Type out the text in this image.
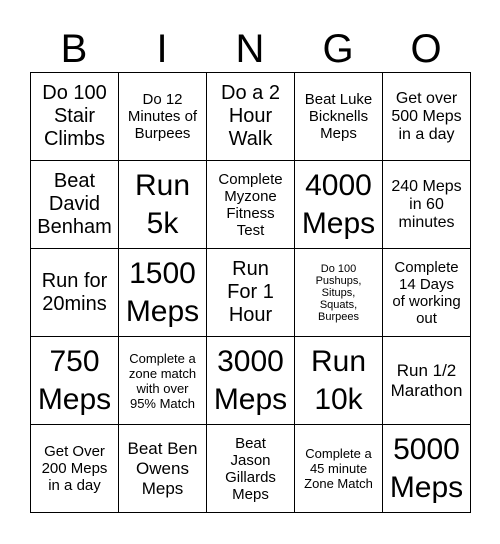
B	I	N	G	O
Do 100
Stair
Climbs
Do 12
Minutes of
Burpees
Do a 2
Hour
Walk
Beat Luke
Bicknells
Meps
Get over
500 Meps
in a day
Beat
David
Benham
Run
5k
Complete
Myzone
Fitness
Test
4000
Meps
240 Meps
in 60
minutes
Run for
20mins
1500
Meps
Run
For 1
Hour
Do 100
Pushups,
Situps,
Squats,
Burpees
Complete
14 Days
of working
out
750
Meps
Complete a
zone match
with over
95% Match
3000
Meps
Run
10k
Run 1/2
Marathon
Get Over
200 Meps
in a day
Beat Ben
Owens
Meps
Beat
Jason
Gillards
Meps
Complete a
45 minute
Zone Match
5000
Meps
